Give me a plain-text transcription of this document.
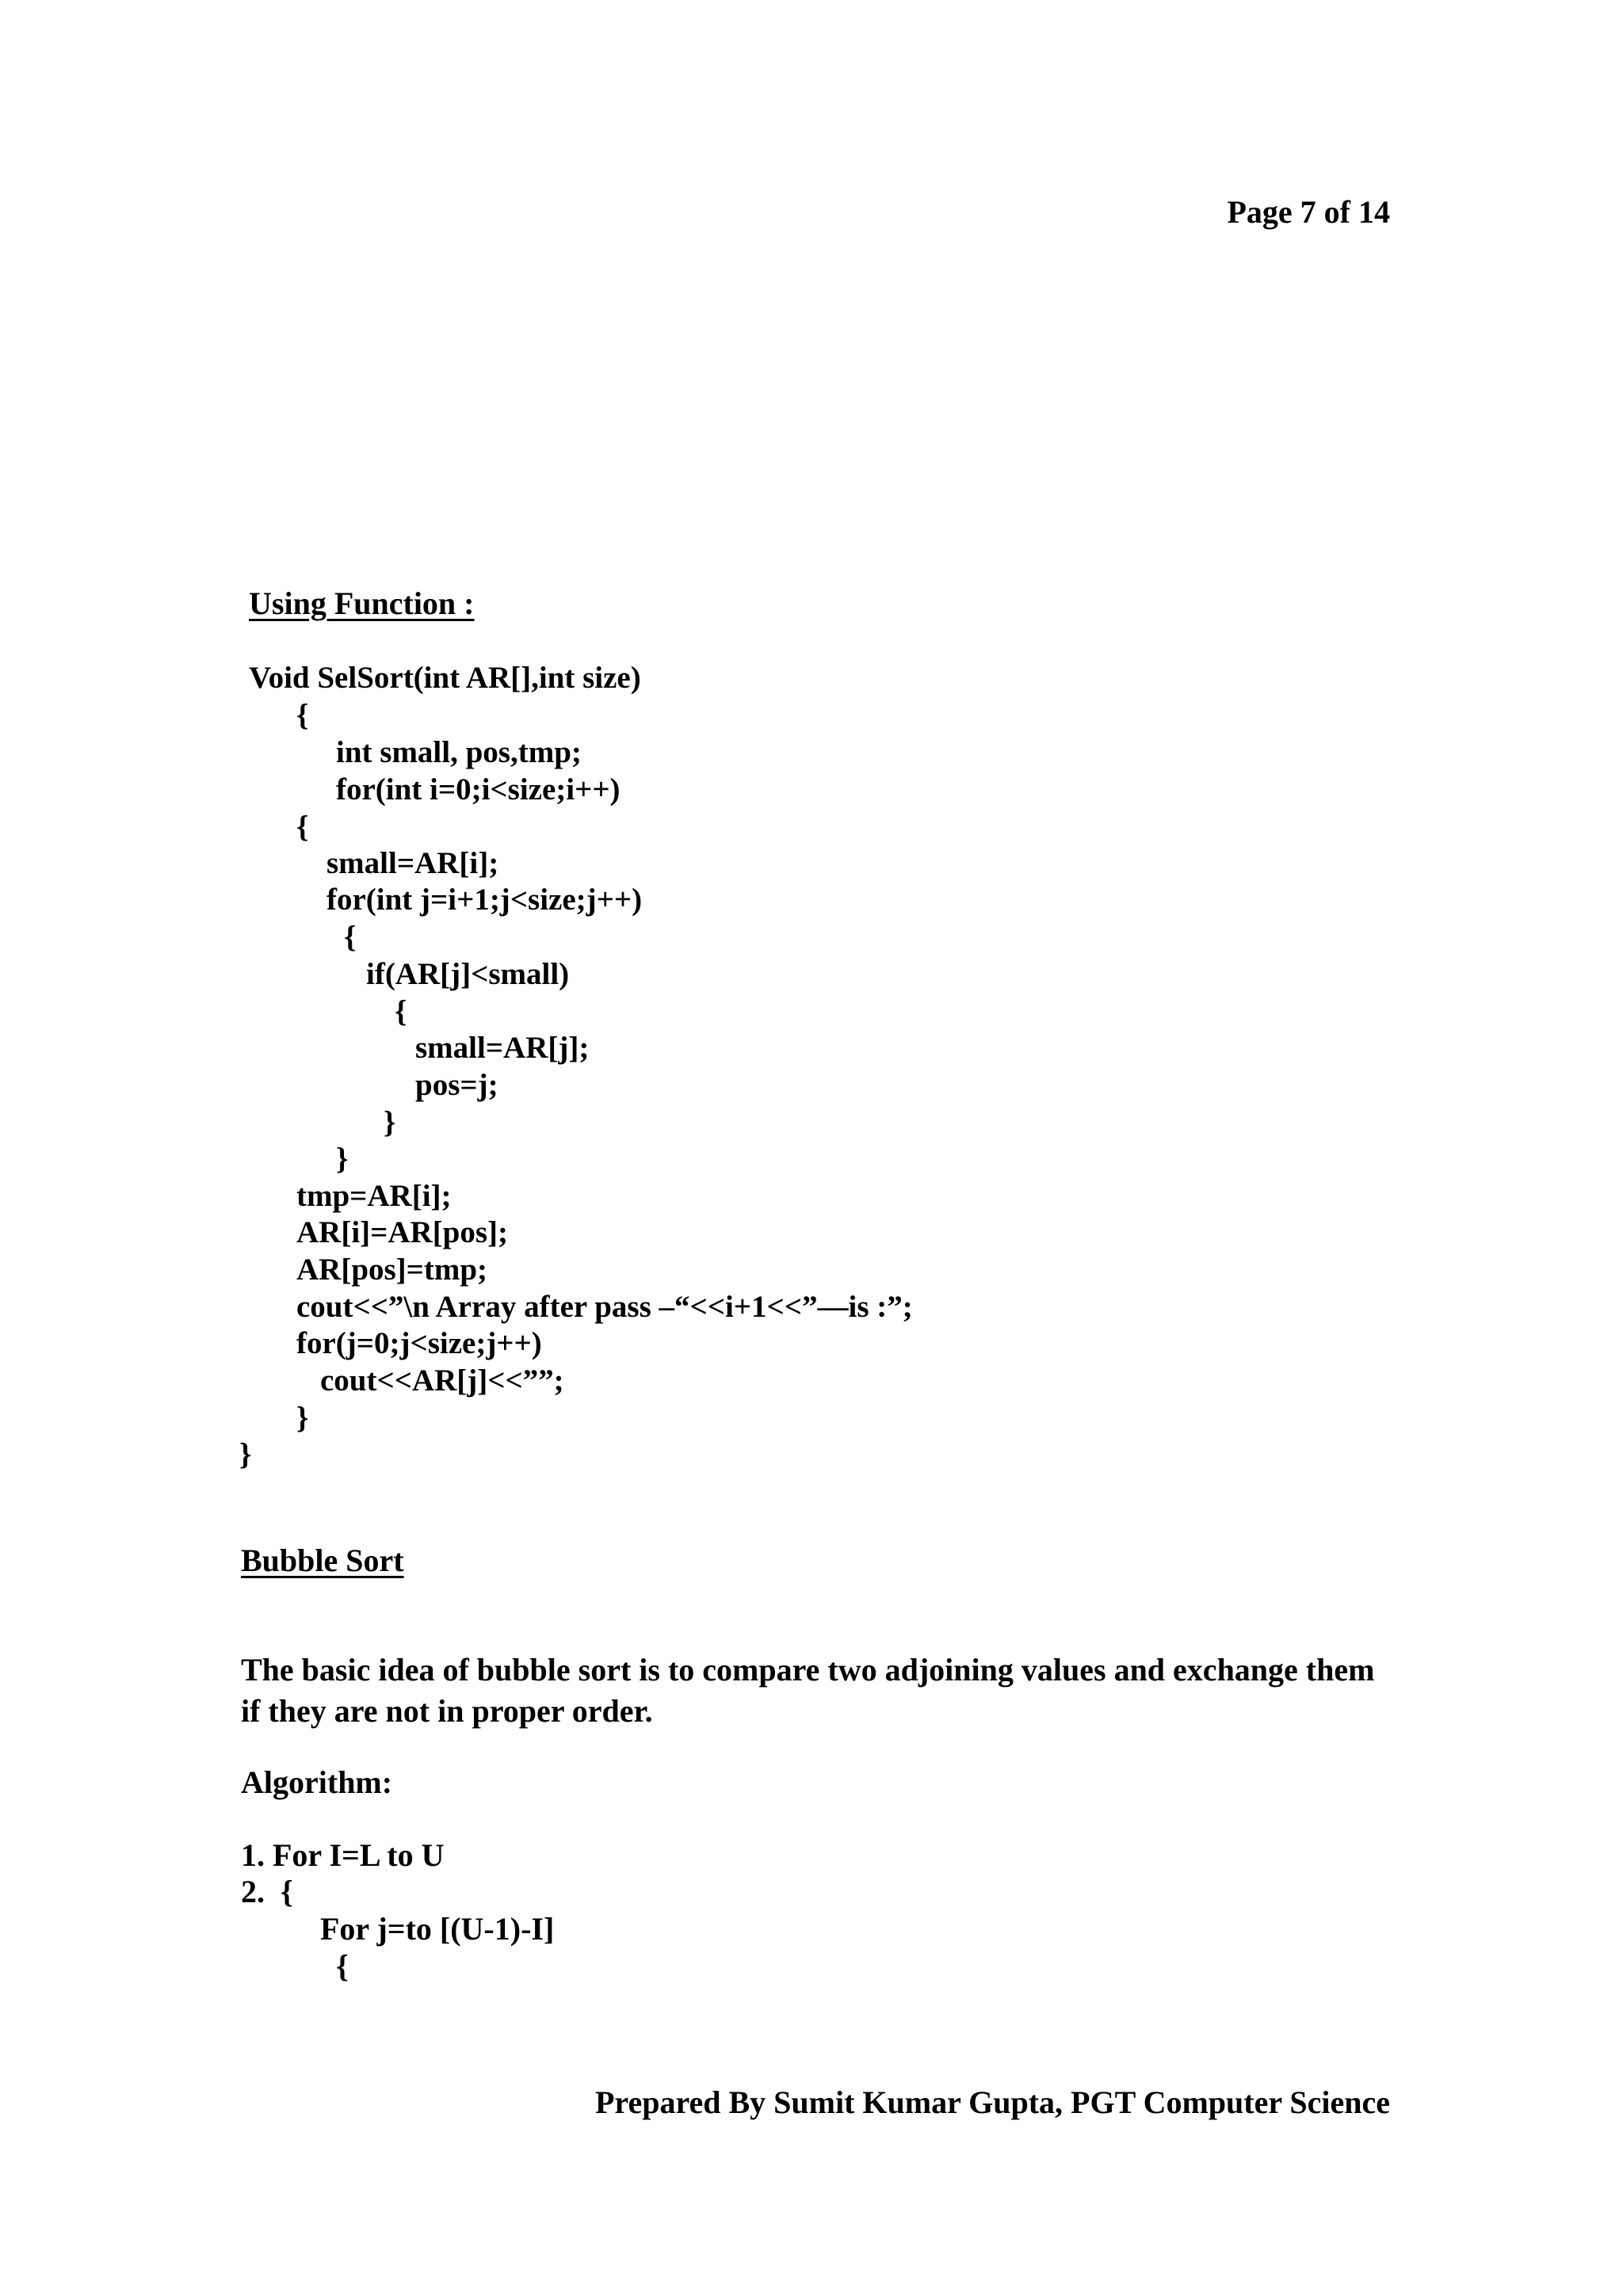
Page 7 of 14
Using Function :
Void SelSort(int AR[],int size)
{
int small, pos,tmp;
for(int i=0;i<size;i++)
{
small=AR[i];
for(int j=i+1;j<size;j++)
{
if(AR[j]<small)
{
small=AR[j];
pos=j;
}
}
tmp=AR[i];
AR[i]=AR[pos];
AR[pos]=tmp;
cout<<”\n Array after pass –“<<i+1<<”—is :”;
for(j=0;j<size;j++)
cout<<AR[j]<<””;
}
}
Bubble Sort

The basic idea of bubble sort is to compare two adjoining values and exchange them if they are not in proper order.

Algorithm:
1. For I=L to U
2.  {
For j=to [(U-1)-I]
{
Prepared By Sumit Kumar Gupta, PGT Computer Science
